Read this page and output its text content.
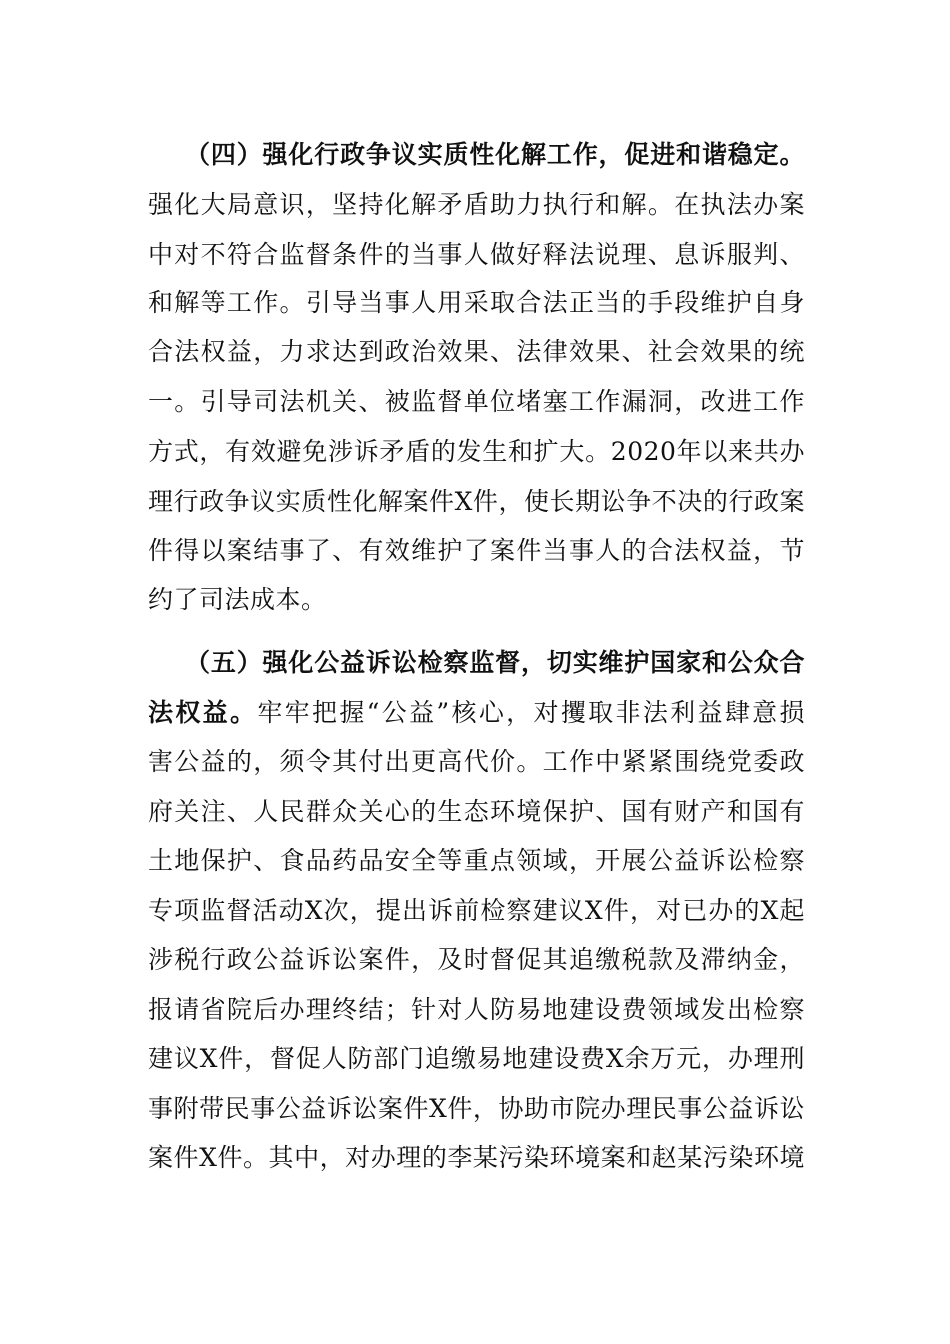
（四）强化行政争议实质性化解工作，促进和谐稳定。
强化大局意识，坚持化解矛盾助力执行和解。在执法办案
中对不符合监督条件的当事人做好释法说理、息诉服判、
和解等工作。引导当事人用采取合法正当的手段维护自身
合法权益，力求达到政治效果、法律效果、社会效果的统
一。引导司法机关、被监督单位堵塞工作漏洞，改进工作
方式，有效避免涉诉矛盾的发生和扩大。2020年以来共办
理行政争议实质性化解案件X件，使长期讼争不决的行政案
件得以案结事了、有效维护了案件当事人的合法权益，节
约了司法成本。
（五）强化公益诉讼检察监督，切实维护国家和公众合
法权益。牢牢把握“公益”核心，对攫取非法利益肆意损
害公益的，须令其付出更高代价。工作中紧紧围绕党委政
府关注、人民群众关心的生态环境保护、国有财产和国有
土地保护、食品药品安全等重点领域，开展公益诉讼检察
专项监督活动X次，提出诉前检察建议X件，对已办的X起
涉税行政公益诉讼案件，及时督促其追缴税款及滞纳金，
报请省院后办理终结；针对人防易地建设费领域发出检察
建议X件，督促人防部门追缴易地建设费X余万元，办理刑
事附带民事公益诉讼案件X件，协助市院办理民事公益诉讼
案件X件。其中，对办理的李某污染环境案和赵某污染环境
